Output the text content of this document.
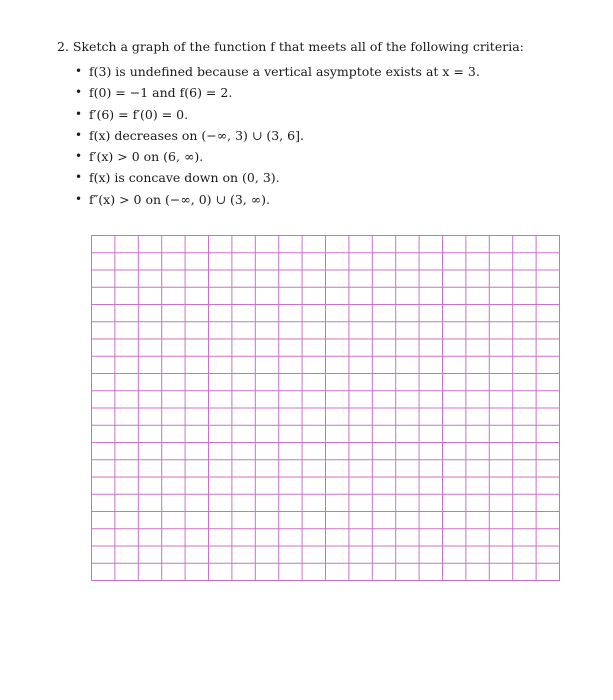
2. Sketch a graph of the function f that meets all of the following criteria:
• f(3) is undefined because a vertical asymptote exists at x = 3.
• f(0) = −1 and f(6) = 2.
• f′(6) = f′(0) = 0.
• f(x) decreases on (−∞, 3) ∪ (3, 6].
• f′(x) > 0 on (6, ∞).
• f(x) is concave down on (0, 3).
• f″(x) > 0 on (−∞, 0) ∪ (3, ∞).
